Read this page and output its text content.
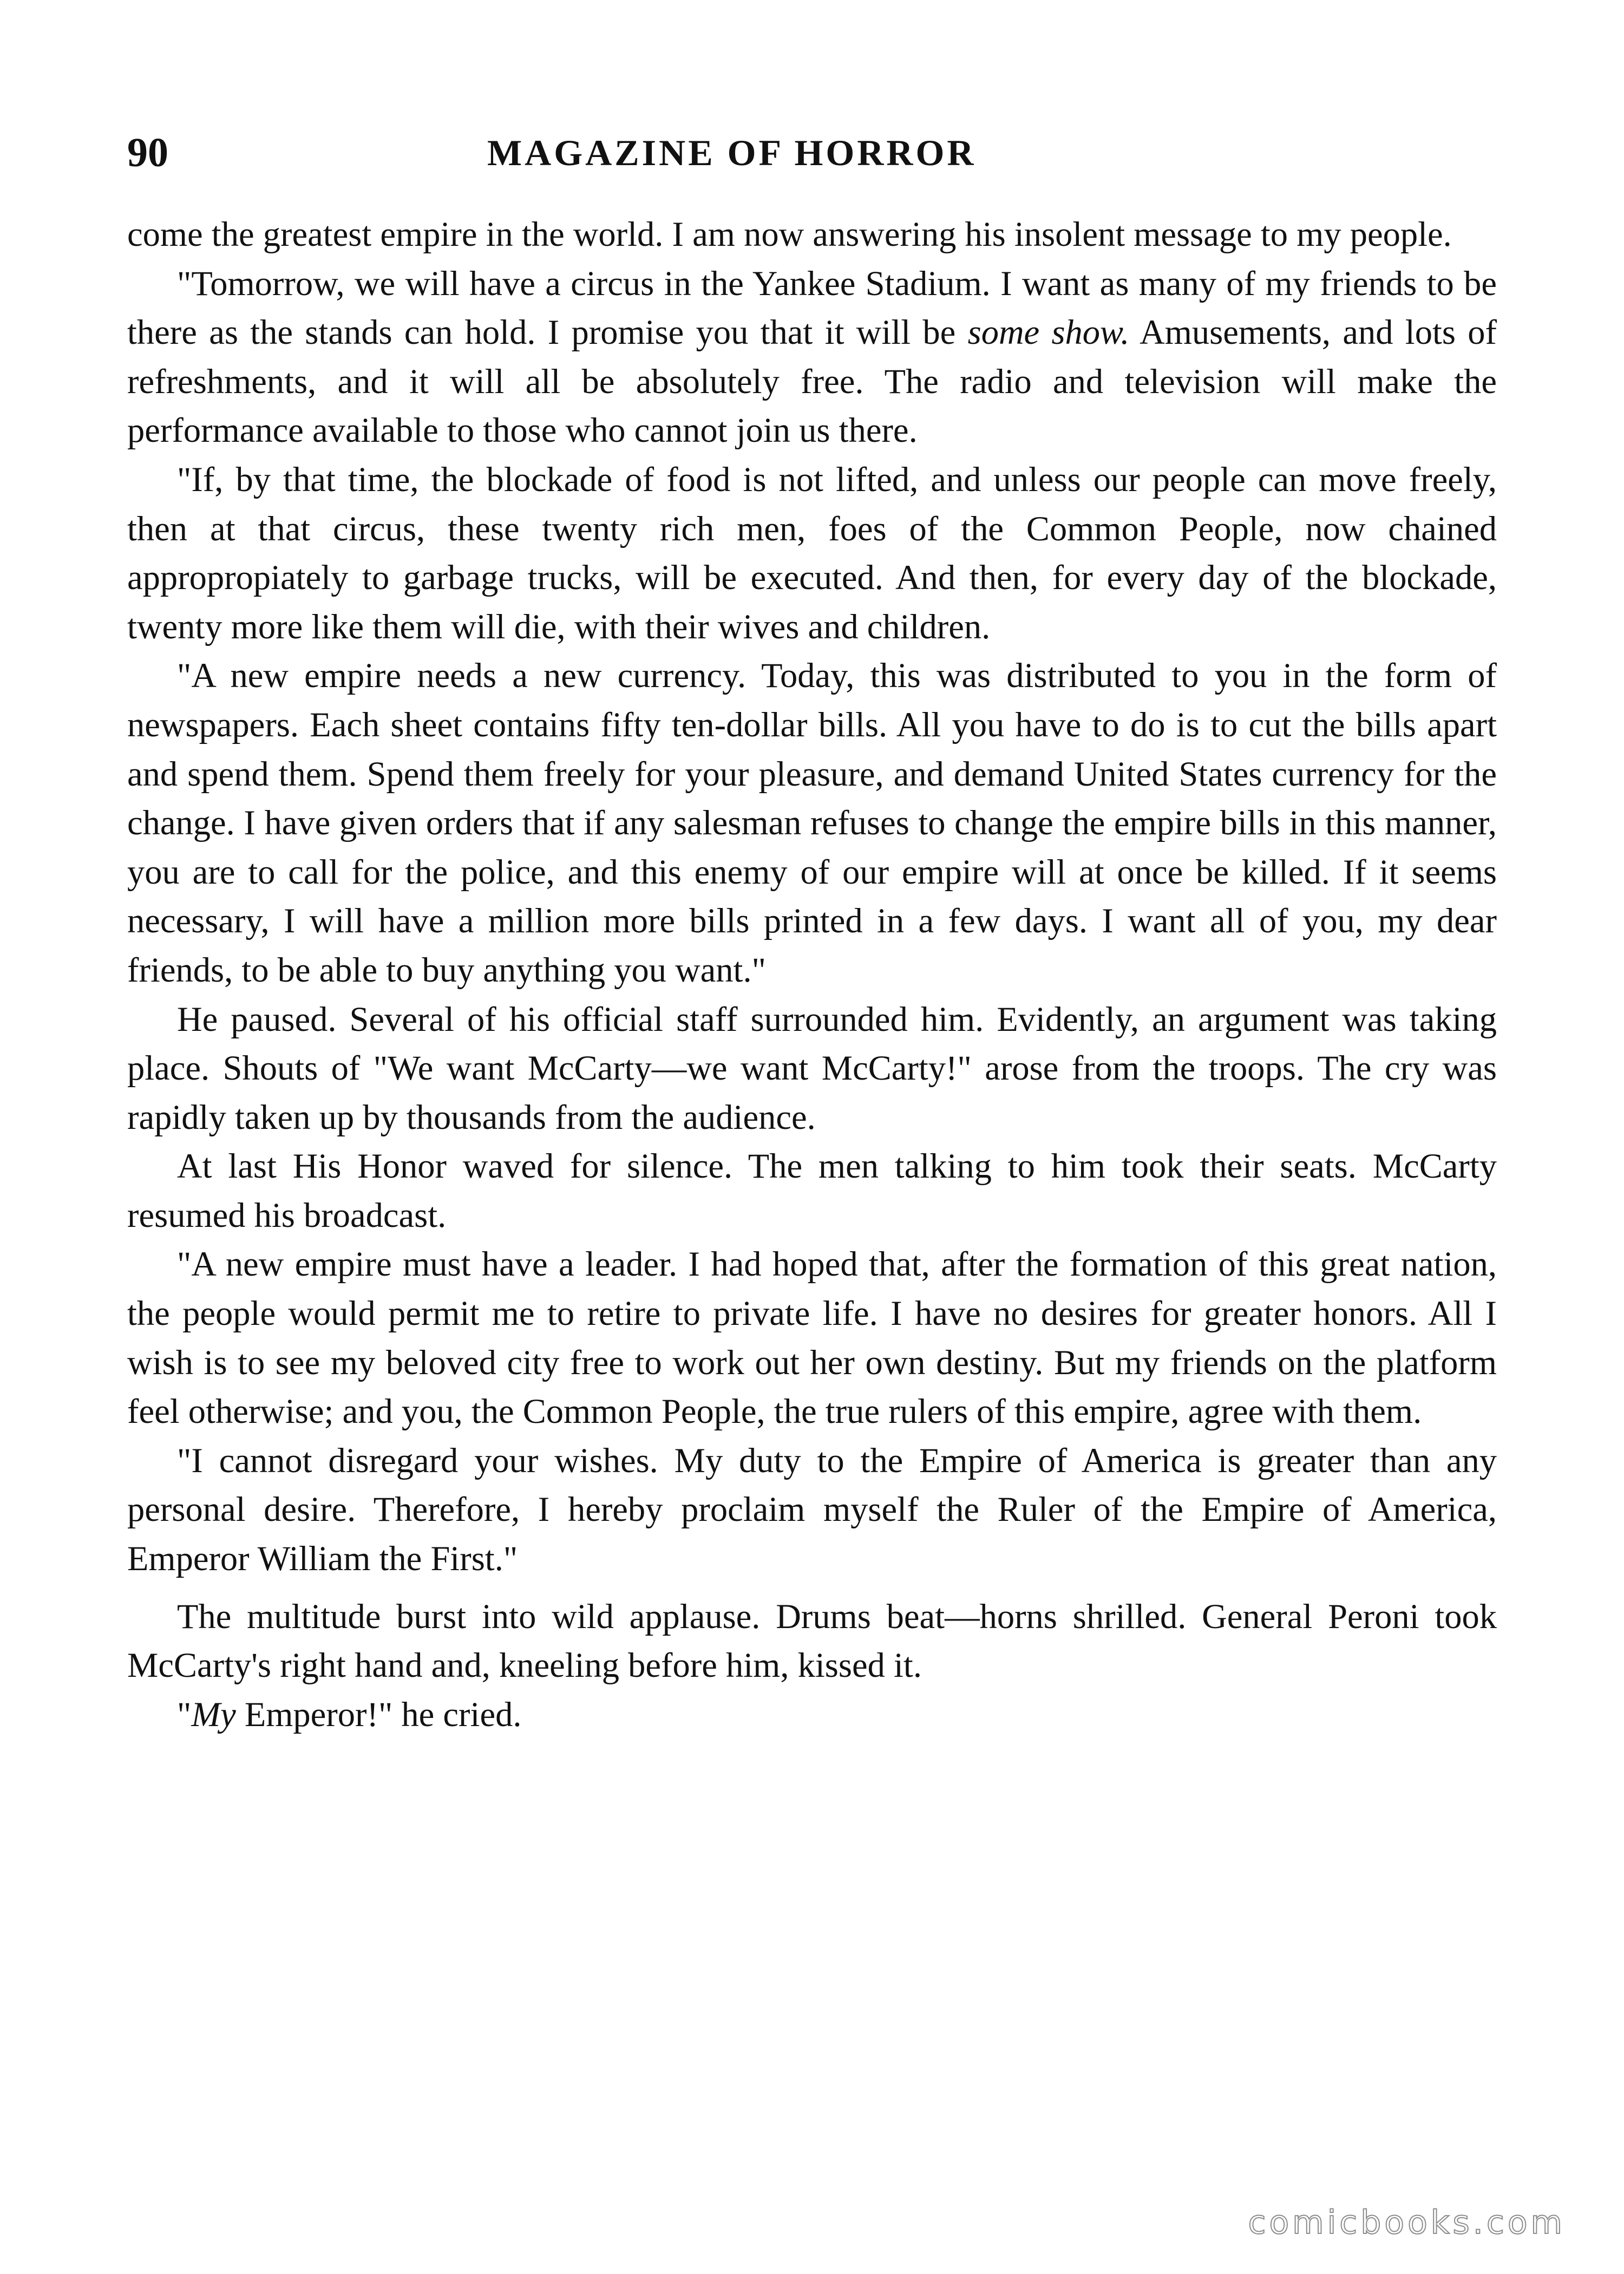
90	MAGAZINE OF HORROR

come the greatest empire in the world. I am now answering his insolent message to my people.

"Tomorrow, we will have a circus in the Yankee Stadium. I want as many of my friends to be there as the stands can hold. I promise you that it will be some show. Amusements, and lots of refreshments, and it will all be absolutely free. The radio and television will make the performance available to those who cannot join us there.

"If, by that time, the blockade of food is not lifted, and unless our people can move freely, then at that circus, these twenty rich men, foes of the Common People, now chained appropropiately to garbage trucks, will be executed. And then, for every day of the blockade, twenty more like them will die, with their wives and children.

"A new empire needs a new currency. Today, this was distributed to you in the form of newspapers. Each sheet contains fifty ten-dollar bills. All you have to do is to cut the bills apart and spend them. Spend them freely for your pleasure, and demand United States currency for the change. I have given orders that if any salesman refuses to change the empire bills in this manner, you are to call for the police, and this enemy of our empire will at once be killed. If it seems necessary, I will have a million more bills printed in a few days. I want all of you, my dear friends, to be able to buy anything you want."

He paused. Several of his official staff surrounded him. Evidently, an argument was taking place. Shouts of "We want McCarty—we want McCarty!" arose from the troops. The cry was rapidly taken up by thousands from the audience.

At last His Honor waved for silence. The men talking to him took their seats. McCarty resumed his broadcast.

"A new empire must have a leader. I had hoped that, after the formation of this great nation, the people would permit me to retire to private life. I have no desires for greater honors. All I wish is to see my beloved city free to work out her own destiny. But my friends on the platform feel otherwise; and you, the Common People, the true rulers of this empire, agree with them.

"I cannot disregard your wishes. My duty to the Empire of America is greater than any personal desire. Therefore, I hereby proclaim myself the Ruler of the Empire of America, Emperor William the First."

The multitude burst into wild applause. Drums beat—horns shrilled. General Peroni took McCarty's right hand and, kneeling before him, kissed it.

"My Emperor!" he cried.

comicbooks.com
